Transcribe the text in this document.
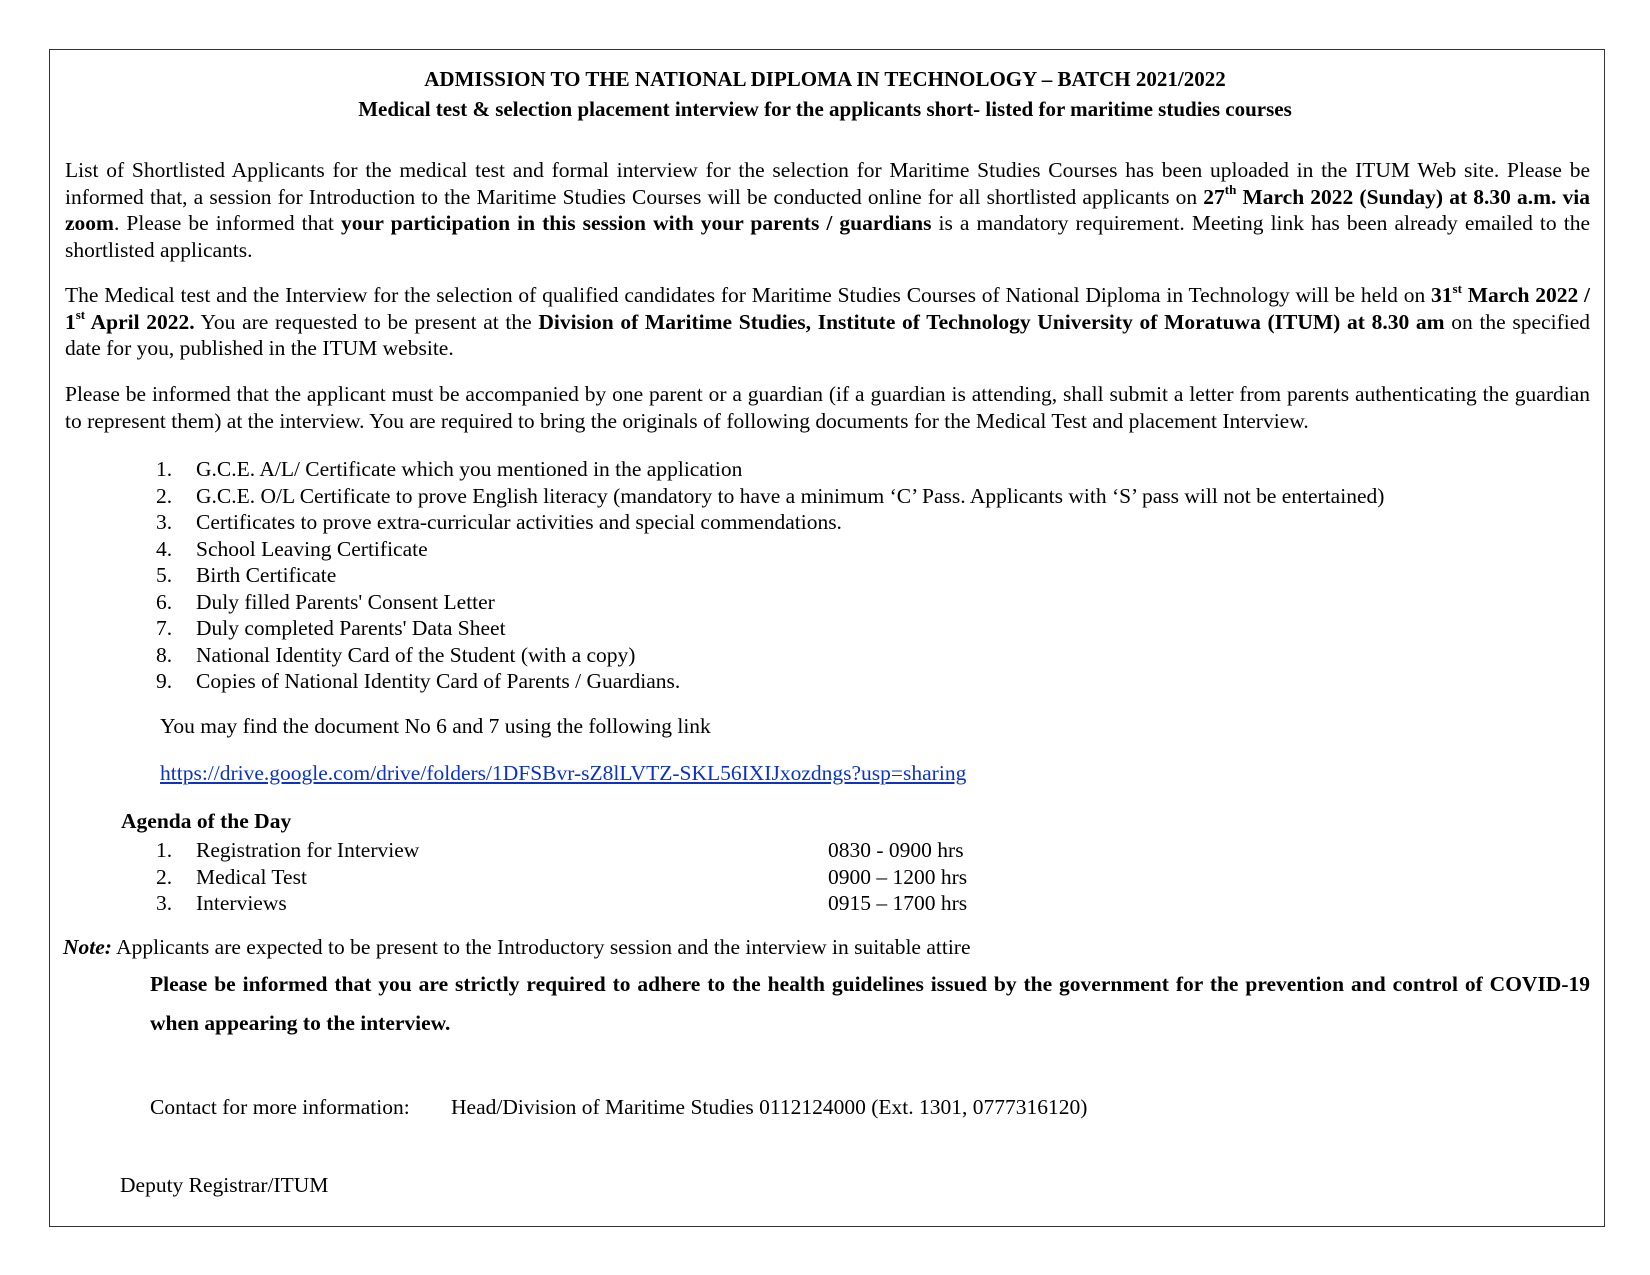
ADMISSION TO THE NATIONAL DIPLOMA IN TECHNOLOGY – BATCH 2021/2022
Medical test & selection placement interview for the applicants short- listed for maritime studies courses
List of Shortlisted Applicants for the medical test and formal interview for the selection for Maritime Studies Courses has been uploaded in the ITUM Web site. Please be informed that, a session for Introduction to the Maritime Studies Courses will be conducted online for all shortlisted applicants on 27th March 2022 (Sunday) at 8.30 a.m. via zoom. Please be informed that your participation in this session with your parents / guardians is a mandatory requirement. Meeting link has been already emailed to the shortlisted applicants.
The Medical test and the Interview for the selection of qualified candidates for Maritime Studies Courses of National Diploma in Technology will be held on 31st March 2022 / 1st April 2022. You are requested to be present at the Division of Maritime Studies, Institute of Technology University of Moratuwa (ITUM) at 8.30 am on the specified date for you, published in the ITUM website.
Please be informed that the applicant must be accompanied by one parent or a guardian (if a guardian is attending, shall submit a letter from parents authenticating the guardian to represent them) at the interview. You are required to bring the originals of following documents for the Medical Test and placement Interview.
1. G.C.E. A/L/ Certificate which you mentioned in the application
2. G.C.E. O/L Certificate to prove English literacy (mandatory to have a minimum ‘C’ Pass. Applicants with ‘S’ pass will not be entertained)
3. Certificates to prove extra-curricular activities and special commendations.
4. School Leaving Certificate
5. Birth Certificate
6. Duly filled Parents' Consent Letter
7. Duly completed Parents' Data Sheet
8. National Identity Card of the Student (with a copy)
9. Copies of National Identity Card of Parents / Guardians.
You may find the document No 6 and 7 using the following link
https://drive.google.com/drive/folders/1DFSBvr-sZ8lLVTZ-SKL56IXIJxozdngs?usp=sharing
Agenda of the Day
1. Registration for Interview	0830 - 0900 hrs
2. Medical Test	0900 – 1200 hrs
3. Interviews	0915 – 1700 hrs
Note: Applicants are expected to be present to the Introductory session and the interview in suitable attire
Please be informed that you are strictly required to adhere to the health guidelines issued by the government for the prevention and control of COVID-19 when appearing to the interview.
Contact for more information: Head/Division of Maritime Studies 0112124000 (Ext. 1301, 0777316120)
Deputy Registrar/ITUM
